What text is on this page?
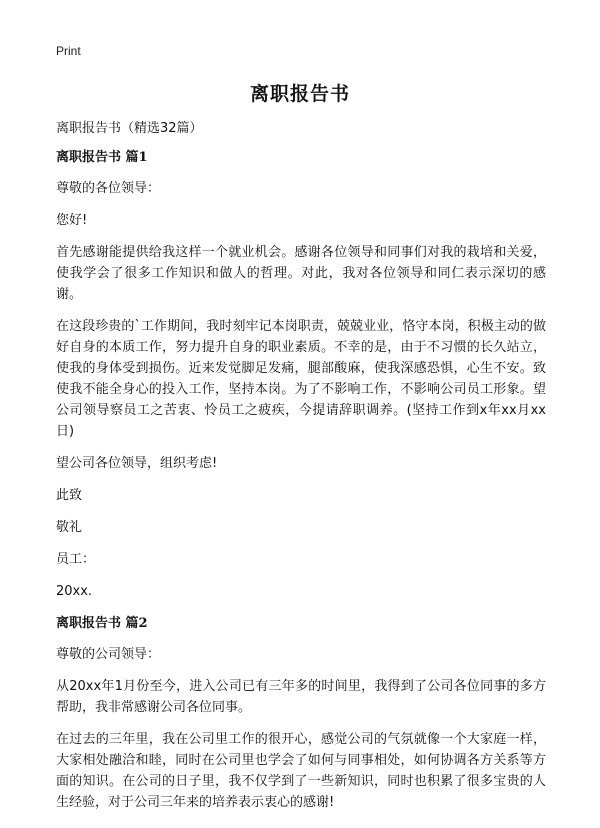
Print
离职报告书

离职报告书（精选32篇）

离职报告书 篇1

尊敬的各位领导：

您好!

首先感谢能提供给我这样一个就业机会。感谢各位领导和同事们对我的栽培和关爱，使我学会了很多工作知识和做人的哲理。对此，我对各位领导和同仁表示深切的感谢。

在这段珍贵的`工作期间，我时刻牢记本岗职责，兢兢业业，恪守本岗，积极主动的做好自身的本质工作，努力提升自身的职业素质。不幸的是，由于不习惯的长久站立，使我的身体受到损伤。近来发觉脚足发痛，腿部酸麻，使我深感恐惧，心生不安。致使我不能全身心的投入工作，坚持本岗。为了不影响工作，不影响公司员工形象。望公司领导察员工之苦衷、怜员工之疲疾，今提请辞职调养。(坚持工作到x年xx月xx日)

望公司各位领导，组织考虑!

此致

敬礼

员工：

20xx.

离职报告书 篇2

尊敬的公司领导：

从20xx年1月份至今，进入公司已有三年多的时间里，我得到了公司各位同事的多方帮助，我非常感谢公司各位同事。

在过去的三年里，我在公司里工作的很开心，感觉公司的气氛就像一个大家庭一样，大家相处融洽和睦，同时在公司里也学会了如何与同事相处，如何协调各方关系等方面的知识。在公司的日子里，我不仅学到了一些新知识，同时也积累了很多宝贵的人生经验，对于公司三年来的培养表示衷心的感谢!
